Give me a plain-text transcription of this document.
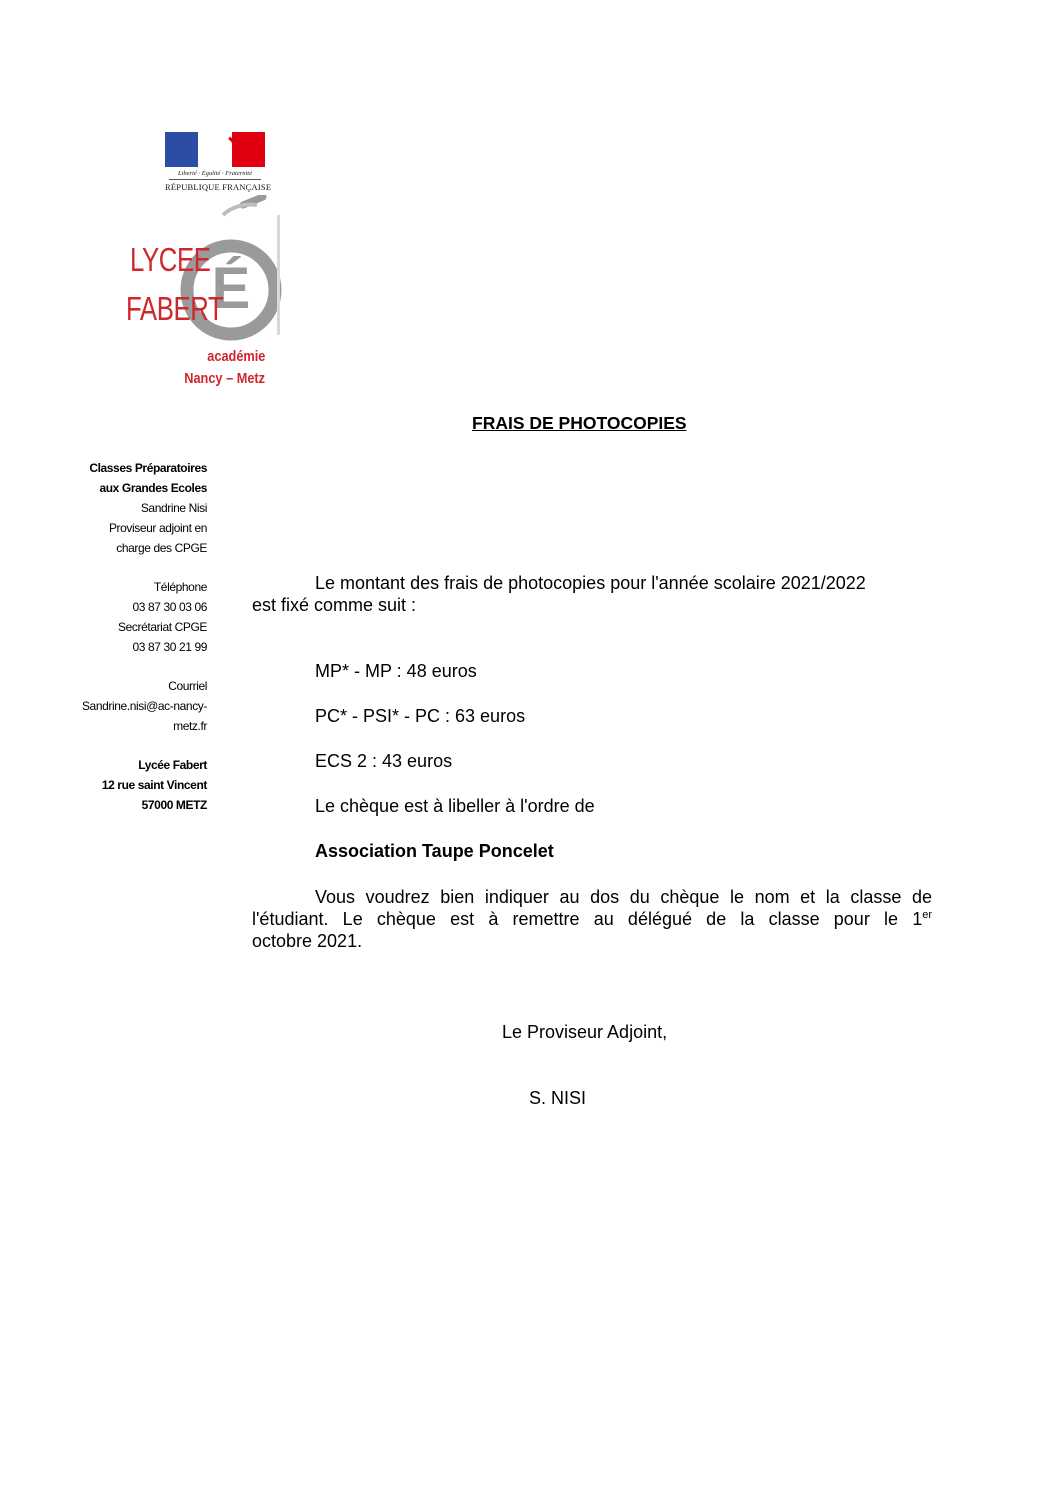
Liberté · Égalité · Fraternité
RÉPUBLIQUE FRANÇAISE
É
LYCEE
FABERT
académie
Nancy – Metz
FRAIS DE PHOTOCOPIES
Classes Préparatoires
aux Grandes Ecoles
Sandrine Nisi
Proviseur adjoint en
charge des CPGE
Téléphone
03 87 30 03 06
Secrétariat CPGE
03 87 30 21 99
Courriel
Sandrine.nisi@ac-nancy-
metz.fr
Lycée Fabert
12 rue saint Vincent
57000 METZ
Le montant des frais de photocopies pour l'année scolaire 2021/2022
est fixé comme suit :
MP* - MP : 48 euros
PC* - PSI* - PC : 63 euros
ECS 2 : 43 euros
Le chèque est à libeller à l'ordre de
Association Taupe Poncelet
Vous voudrez bien indiquer au dos du chèque le nom et la classe de
l'étudiant. Le chèque est à remettre au délégué de la classe pour le 1er
octobre 2021.
Le Proviseur Adjoint,
S. NISI
